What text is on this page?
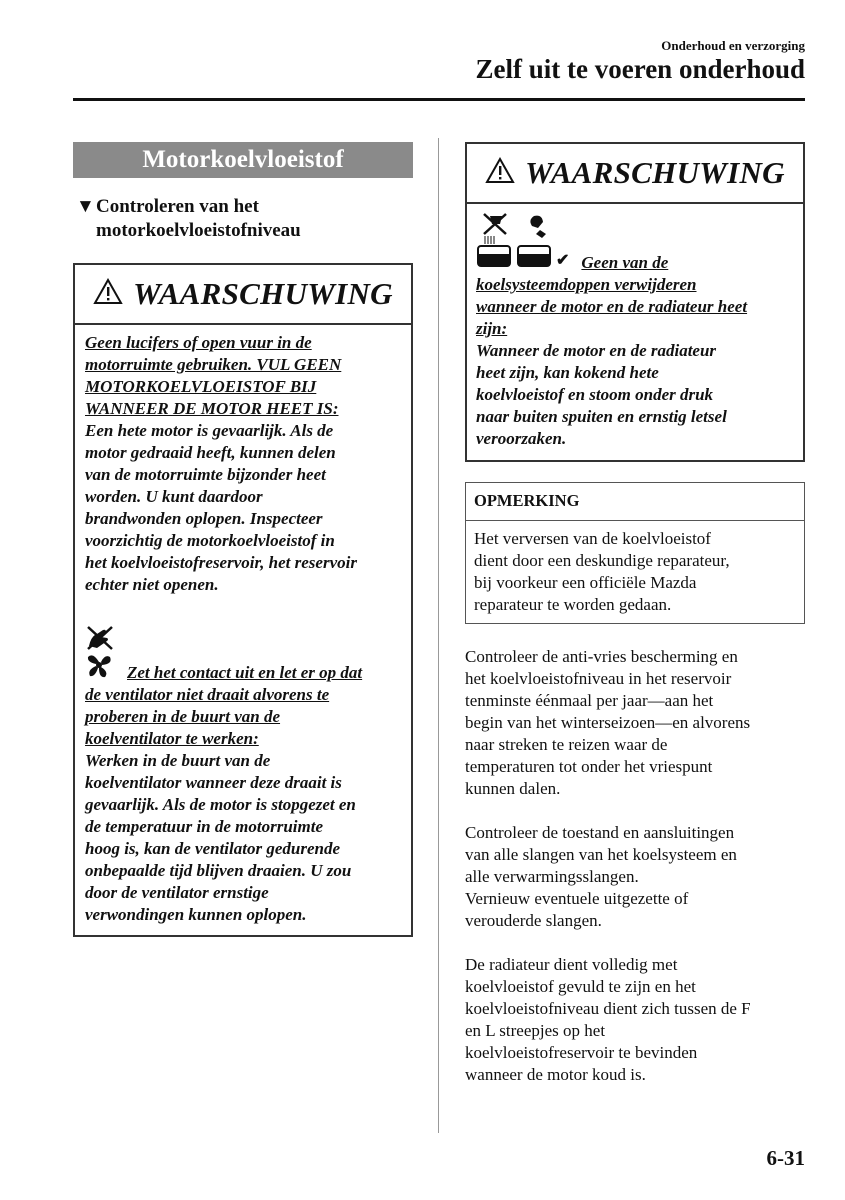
Onderhoud en verzorging
Zelf uit te voeren onderhoud
Motorkoelvloeistof
▼Controleren van het
motorkoelvloeistofniveau
WAARSCHUWING
Geen lucifers of open vuur in de
motorruimte gebruiken. VUL GEEN
MOTORKOELVLOEISTOF BIJ
WANNEER DE MOTOR HEET IS:
Een hete motor is gevaarlijk. Als de
motor gedraaid heeft, kunnen delen
van de motorruimte bijzonder heet
worden. U kunt daardoor
brandwonden oplopen. Inspecteer
voorzichtig de motorkoelvloeistof in
het koelvloeistofreservoir, het reservoir
echter niet openen.
Zet het contact uit en let er op dat
de ventilator niet draait alvorens te
proberen in de buurt van de
koelventilator te werken:
Werken in de buurt van de
koelventilator wanneer deze draait is
gevaarlijk. Als de motor is stopgezet en
de temperatuur in de motorruimte
hoog is, kan de ventilator gedurende
onbepaalde tijd blijven draaien. U zou
door de ventilator ernstige
verwondingen kunnen oplopen.
WAARSCHUWING
✔ Geen van de
koelsysteemdoppen verwijderen
wanneer de motor en de radiateur heet
zijn:
Wanneer de motor en de radiateur
heet zijn, kan kokend hete
koelvloeistof en stoom onder druk
naar buiten spuiten en ernstig letsel
veroorzaken.
OPMERKING
Het verversen van de koelvloeistof
dient door een deskundige reparateur,
bij voorkeur een officiële Mazda
reparateur te worden gedaan.
Controleer de anti-vries bescherming en
het koelvloeistofniveau in het reservoir
tenminste éénmaal per jaar—aan het
begin van het winterseizoen—en alvorens
naar streken te reizen waar de
temperaturen tot onder het vriespunt
kunnen dalen.
Controleer de toestand en aansluitingen
van alle slangen van het koelsysteem en
alle verwarmingsslangen.
Vernieuw eventuele uitgezette of
verouderde slangen.
De radiateur dient volledig met
koelvloeistof gevuld te zijn en het
koelvloeistofniveau dient zich tussen de F
en L streepjes op het
koelvloeistofreservoir te bevinden
wanneer de motor koud is.
6-31
